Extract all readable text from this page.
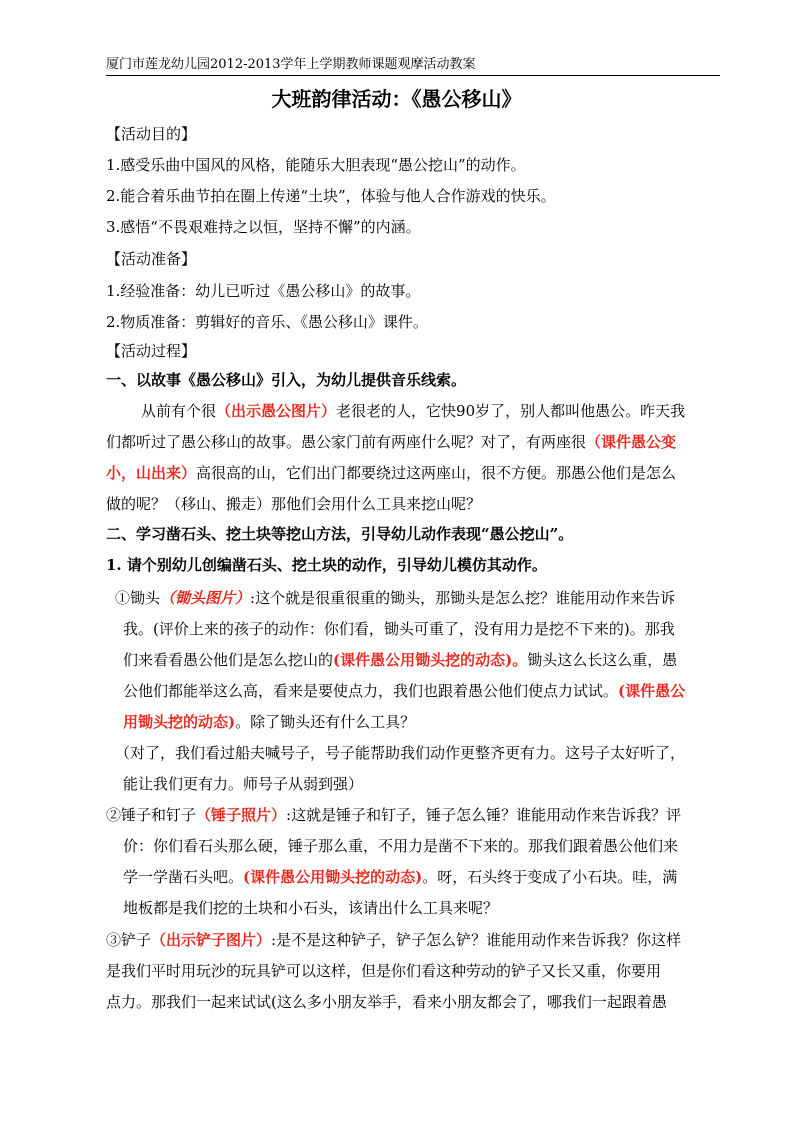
厦门市莲龙幼儿园2012-2013学年上学期教师课题观摩活动教案
大班韵律活动：《愚公移山》
【活动目的】
1.感受乐曲中国风的风格，能随乐大胆表现“愚公挖山”的动作。
2.能合着乐曲节拍在圈上传递“土块”，体验与他人合作游戏的快乐。
3.感悟“不畏艰难持之以恒，坚持不懈”的内涵。
【活动准备】
1.经验准备：幼儿已听过《愚公移山》的故事。
2.物质准备：剪辑好的音乐、《愚公移山》课件。
【活动过程】
一、以故事《愚公移山》引入，为幼儿提供音乐线索。
从前有个很（出示愚公图片）老很老的人，它快90岁了，别人都叫他愚公。昨天我
们都听过了愚公移山的故事。愚公家门前有两座什么呢？对了，有两座很（课件愚公变
小，山出来）高很高的山，它们出门都要绕过这两座山，很不方便。那愚公他们是怎么
做的呢？（移山、搬走）那他们会用什么工具来挖山呢？
二、学习凿石头、挖土块等挖山方法，引导幼儿动作表现“愚公挖山”。
1. 请个别幼儿创编凿石头、挖土块的动作，引导幼儿模仿其动作。
①锄头（锄头图片）:这个就是很重很重的锄头，那锄头是怎么挖？谁能用动作来告诉
我。(评价上来的孩子的动作：你们看，锄头可重了，没有用力是挖不下来的)。那我
们来看看愚公他们是怎么挖山的(课件愚公用锄头挖的动态)。锄头这么长这么重，愚
公他们都能举这么高，看来是要使点力，我们也跟着愚公他们使点力试试。(课件愚公
用锄头挖的动态)。除了锄头还有什么工具？
（对了，我们看过船夫喊号子，号子能帮助我们动作更整齐更有力。这号子太好听了，
能让我们更有力。师号子从弱到强）
②锤子和钉子（锤子照片）:这就是锤子和钉子，锤子怎么锤？谁能用动作来告诉我？评
价：你们看石头那么硬，锤子那么重，不用力是凿不下来的。那我们跟着愚公他们来
学一学凿石头吧。(课件愚公用锄头挖的动态)。呀，石头终于变成了小石块。哇，满
地板都是我们挖的土块和小石头，该请出什么工具来呢？
③铲子（出示铲子图片）:是不是这种铲子，铲子怎么铲？谁能用动作来告诉我？你这样
是我们平时用玩沙的玩具铲可以这样，但是你们看这种劳动的铲子又长又重，你要用
点力。那我们一起来试试(这么多小朋友举手，看来小朋友都会了，哪我们一起跟着愚
